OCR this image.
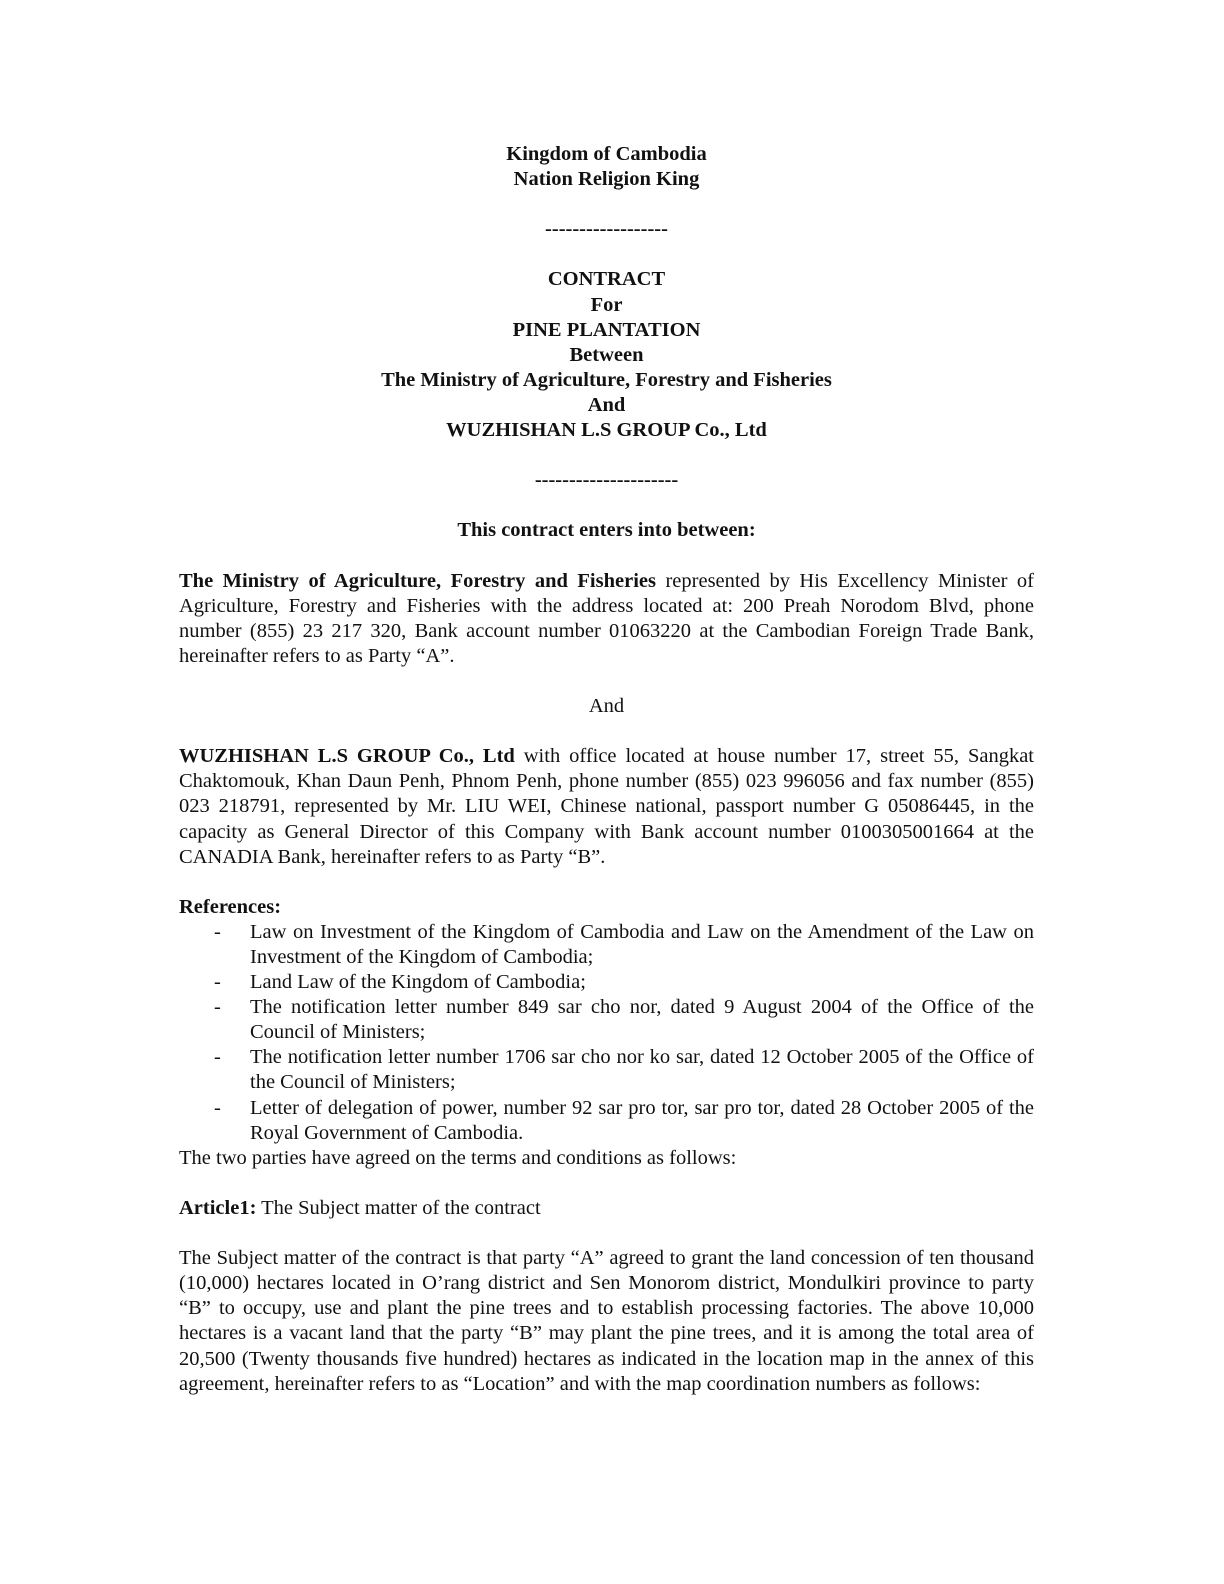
Kingdom of Cambodia
Nation Religion King
------------------
CONTRACT
For
PINE PLANTATION
Between
The Ministry of Agriculture, Forestry and Fisheries
And
WUZHISHAN L.S GROUP Co., Ltd
---------------------
This contract enters into between:

The Ministry of Agriculture, Forestry and Fisheries represented by His Excellency Minister of Agriculture, Forestry and Fisheries with the address located at: 200 Preah Norodom Blvd, phone number (855) 23 217 320, Bank account number 01063220 at the Cambodian Foreign Trade Bank, hereinafter refers to as Party “A”.

And

WUZHISHAN L.S GROUP Co., Ltd with office located at house number 17, street 55, Sangkat Chaktomouk, Khan Daun Penh, Phnom Penh, phone number (855) 023 996056 and fax number (855) 023 218791, represented by Mr. LIU WEI, Chinese national, passport number G 05086445, in the capacity as General Director of this Company with Bank account number 0100305001664 at the CANADIA Bank, hereinafter refers to as Party “B”.

References:
- Law on Investment of the Kingdom of Cambodia and Law on the Amendment of the Law on Investment of the Kingdom of Cambodia;
- Land Law of the Kingdom of Cambodia;
- The notification letter number 849 sar cho nor, dated 9 August 2004 of the Office of the Council of Ministers;
- The notification letter number 1706 sar cho nor ko sar, dated 12 October 2005 of the Office of the Council of Ministers;
- Letter of delegation of power, number 92 sar pro tor, sar pro tor, dated 28 October 2005 of the Royal Government of Cambodia.
The two parties have agreed on the terms and conditions as follows:
Article1: The Subject matter of the contract

The Subject matter of the contract is that party “A” agreed to grant the land concession of ten thousand (10,000) hectares located in O’rang district and Sen Monorom district, Mondulkiri province to party “B” to occupy, use and plant the pine trees and to establish processing factories. The above 10,000 hectares is a vacant land that the party “B” may plant the pine trees, and it is among the total area of 20,500 (Twenty thousands five hundred) hectares as indicated in the location map in the annex of this agreement, hereinafter refers to as “Location” and with the map coordination numbers as follows:
